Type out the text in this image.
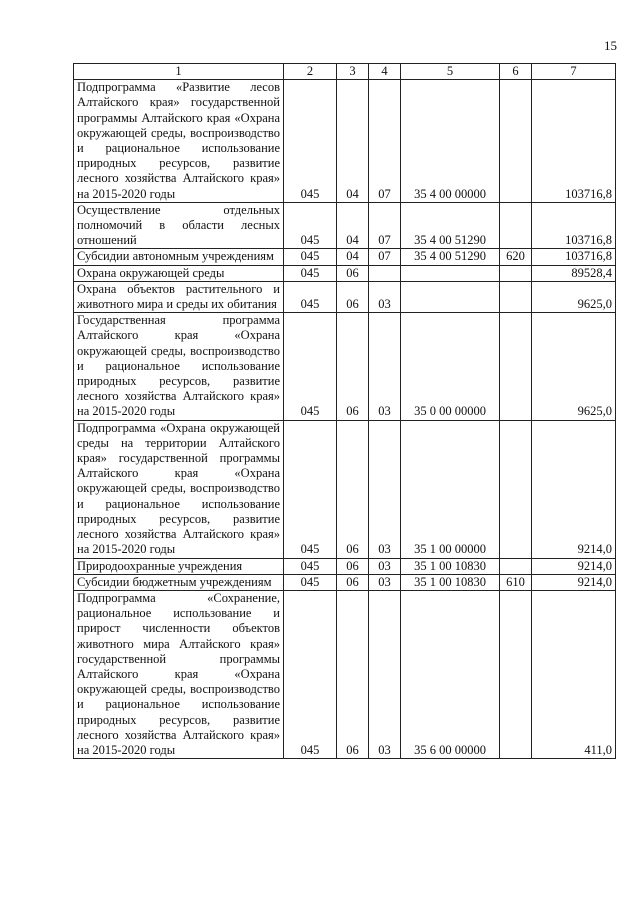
15
1	2	3	4	5	6	7
Подпрограмма «Развитие лесов Алтайского края» государственной программы Алтайского края «Охрана окружающей среды, воспроизводство и рациональное использование природных ресурсов, развитие лесного хозяйства Алтайского края» на 2015-2020 годы	045	04	07	35 4 00 00000		103716,8
Осуществление отдельных полномочий в области лесных отношений	045	04	07	35 4 00 51290		103716,8
Субсидии автономным учреждениям	045	04	07	35 4 00 51290	620	103716,8
Охрана окружающей среды	045	06				89528,4
Охрана объектов растительного и животного мира и среды их обитания	045	06	03			9625,0
Государственная программа Алтайского края «Охрана окружающей среды, воспроизводство и рациональное использование природных ресурсов, развитие лесного хозяйства Алтайского края» на 2015-2020 годы	045	06	03	35 0 00 00000		9625,0
Подпрограмма «Охрана окружающей среды на территории Алтайского края» государственной программы Алтайского края «Охрана окружающей среды, воспроизводство и рациональное использование природных ресурсов, развитие лесного хозяйства Алтайского края» на 2015-2020 годы	045	06	03	35 1 00 00000		9214,0
Природоохранные учреждения	045	06	03	35 1 00 10830		9214,0
Субсидии бюджетным учреждениям	045	06	03	35 1 00 10830	610	9214,0
Подпрограмма «Сохранение, рациональное использование и прирост численности объектов животного мира Алтайского края» государственной программы Алтайского края «Охрана окружающей среды, воспроизводство и рациональное использование природных ресурсов, развитие лесного хозяйства Алтайского края» на 2015-2020 годы	045	06	03	35 6 00 00000		411,0
